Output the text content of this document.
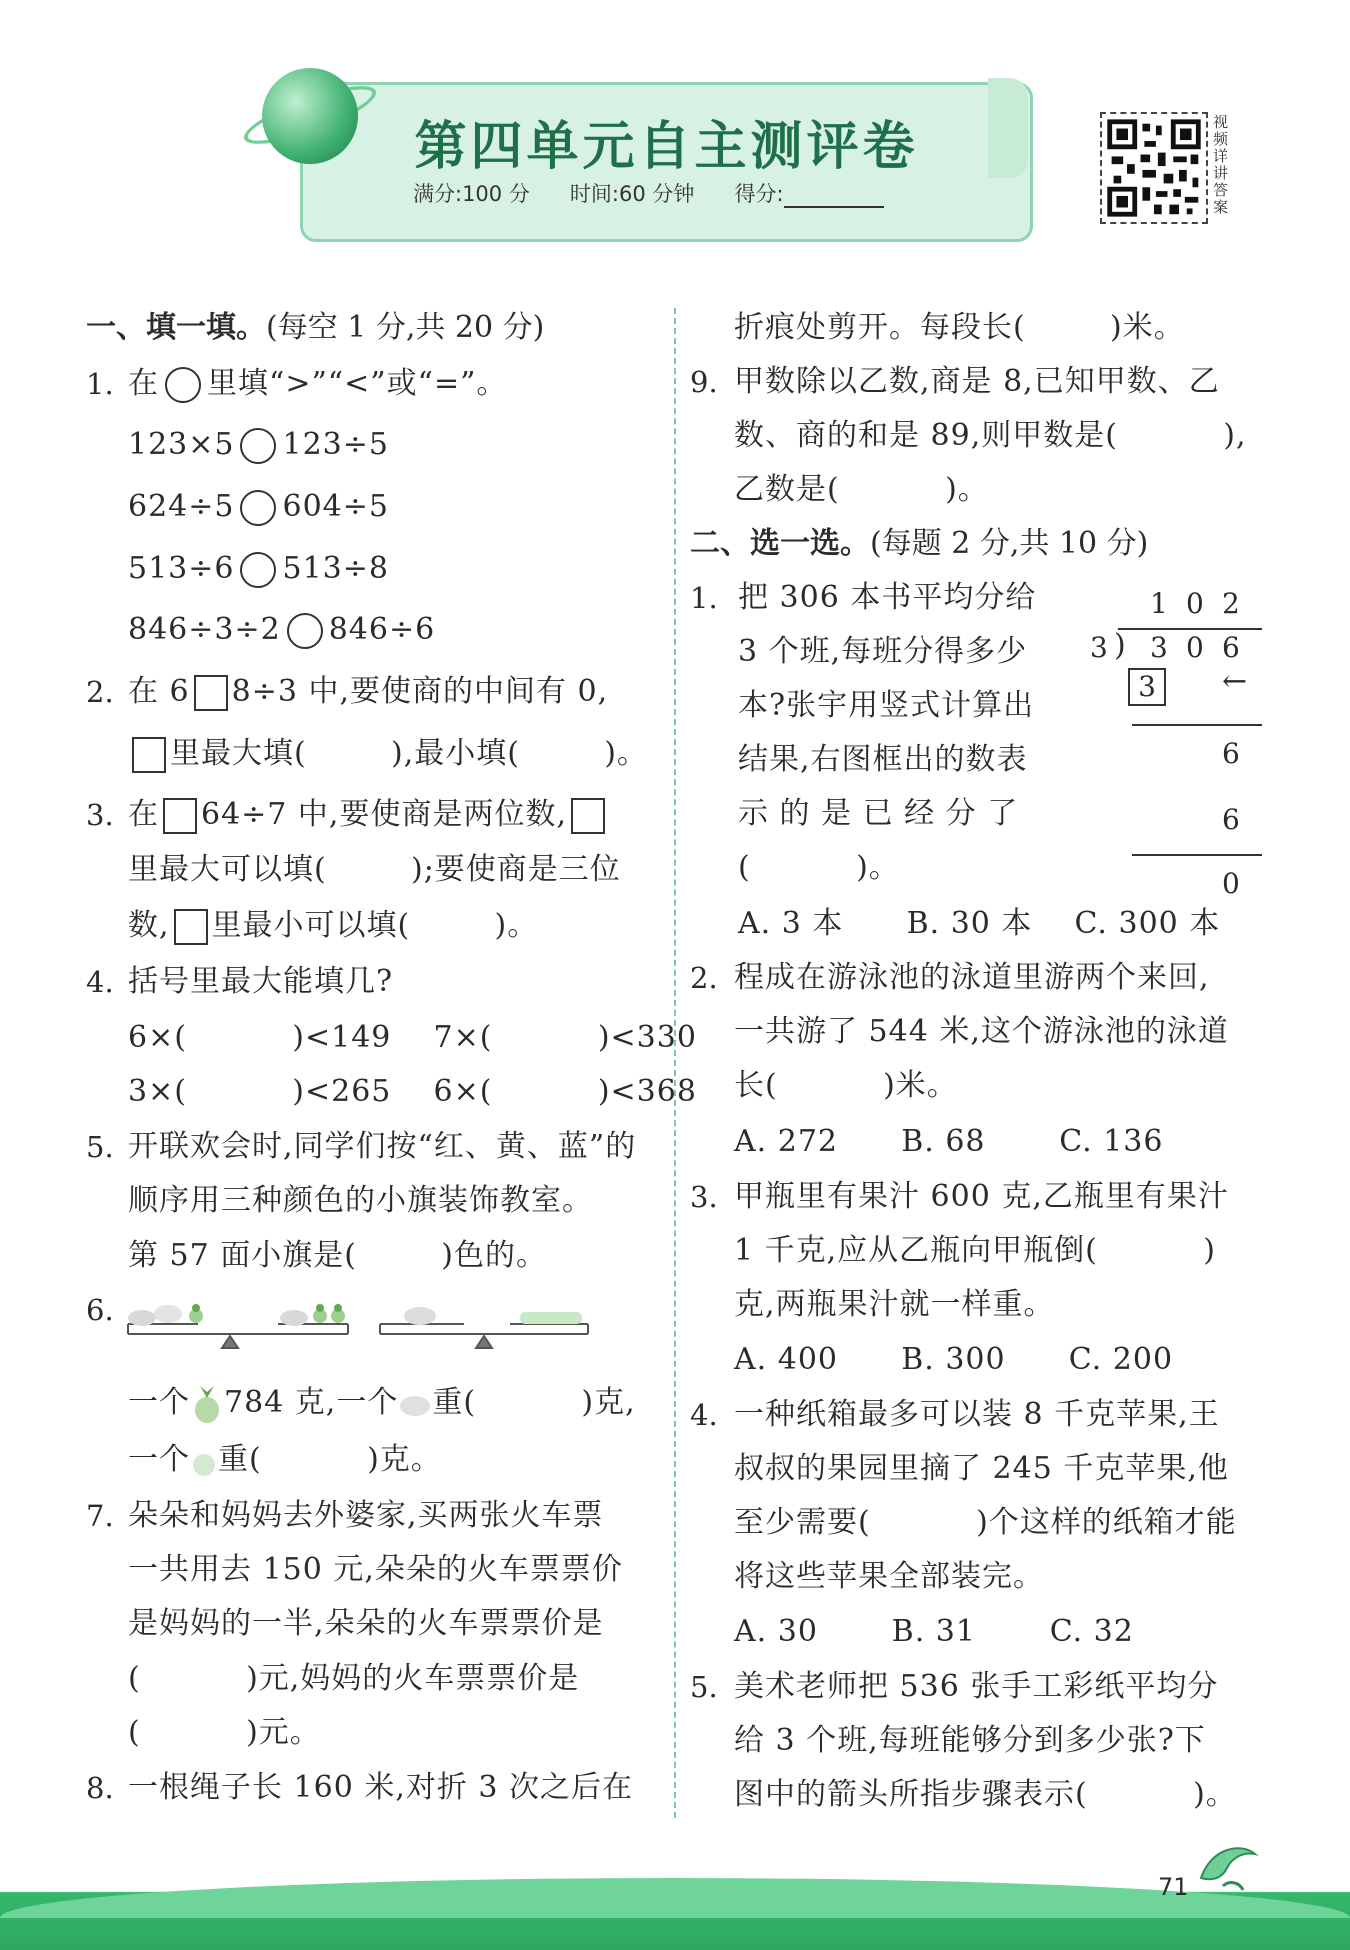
第四单元自主测评卷
满分:100 分 时间:60 分钟 得分:
视频详讲答案
一、填一填。(每空 1 分,共 20 分)
1. 在 里填“>”“<”或“=”。
123×5 123÷5
624÷5 604÷5
513÷6 513÷8
846÷3÷2 846÷6
2. 在 6 8÷3 中,要使商的中间有 0,
里最大填(        ),最小填(        )。
3. 在 64÷7 中,要使商是两位数,
里最大可以填(        );要使商是三位
数, 里最小可以填(        )。
4. 括号里最大能填几?
6×(          )<149    7×(          )<330
3×(          )<265    6×(          )<368
5. 开联欢会时,同学们按“红、黄、蓝”的
顺序用三种颜色的小旗装饰教室。
第 57 面小旗是(        )色的。
6.
一个 784 克,一个 重(          )克,
一个 重(          )克。
7. 朵朵和妈妈去外婆家,买两张火车票
一共用去 150 元,朵朵的火车票票价
是妈妈的一半,朵朵的火车票票价是
(          )元,妈妈的火车票票价是
(          )元。
8. 一根绳子长 160 米,对折 3 次之后在
折痕处剪开。每段长(        )米。
9. 甲数除以乙数,商是 8,已知甲数、乙
数、商的和是 89,则甲数是(          ),
乙数是(          )。
二、选一选。(每题 2 分,共 10 分)
1. 把 306 本书平均分给
3 个班,每班分得多少
本?张宇用竖式计算出
结果,右图框出的数表
示 的 是 已 经 分 了
(          )。
A. 3 本      B. 30 本    C. 300 本
1 0 2
3 ) 3 0 6
3	←
6
6
0
2. 程成在游泳池的泳道里游两个来回,
一共游了 544 米,这个游泳池的泳道
长(          )米。
A. 272      B. 68       C. 136
3. 甲瓶里有果汁 600 克,乙瓶里有果汁
1 千克,应从乙瓶向甲瓶倒(          )
克,两瓶果汁就一样重。
A. 400      B. 300      C. 200
4. 一种纸箱最多可以装 8 千克苹果,王
叔叔的果园里摘了 245 千克苹果,他
至少需要(          )个这样的纸箱才能
将这些苹果全部装完。
A. 30       B. 31       C. 32
5. 美术老师把 536 张手工彩纸平均分
给 3 个班,每班能够分到多少张?下
图中的箭头所指步骤表示(          )。
71
